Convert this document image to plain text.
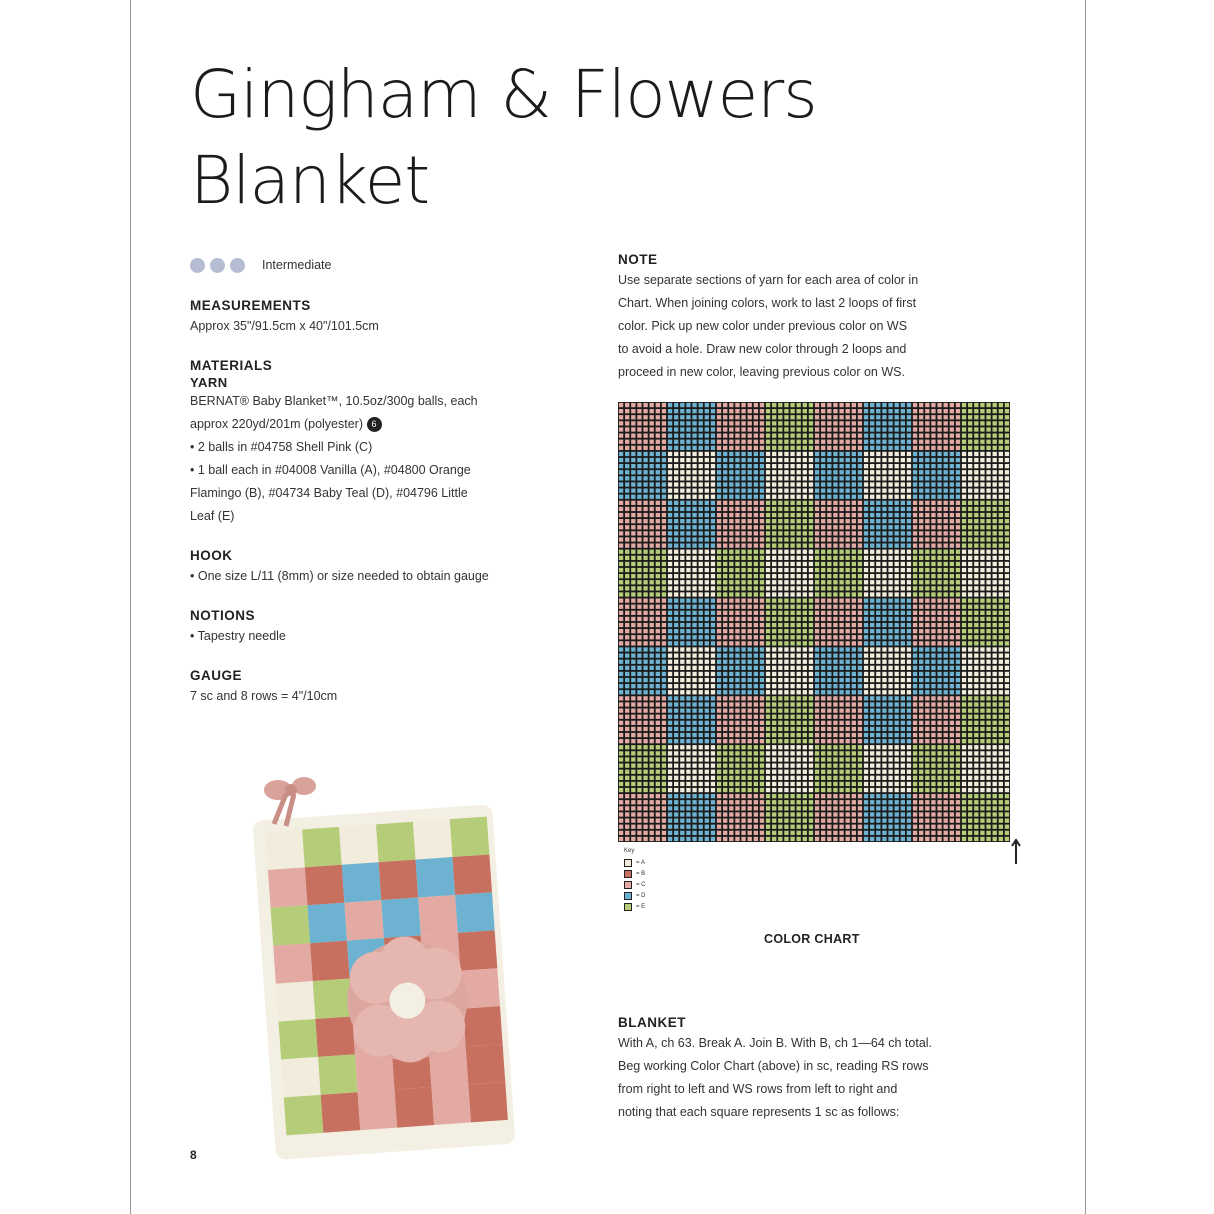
Gingham & Flowers
Blanket
Intermediate

MEASUREMENTS

Approx 35"/91.5cm x 40"/101.5cm

MATERIALS

YARN

BERNAT® Baby Blanket™, 10.5oz/300g balls, each

approx 220yd/201m (polyester) 6

• 2 balls in #04758 Shell Pink (C)

• 1 ball each in #04008 Vanilla (A), #04800 Orange

Flamingo (B), #04734 Baby Teal (D), #04796 Little

Leaf (E)

HOOK

• One size L/11 (8mm) or size needed to obtain gauge

NOTIONS

• Tapestry needle

GAUGE

7 sc and 8 rows = 4"/10cm

Key
= A
= B
= C
= D
= E
COLOR CHART

NOTE

Use separate sections of yarn for each area of color in

Chart. When joining colors, work to last 2 loops of first

color. Pick up new color under previous color on WS

to avoid a hole. Draw new color through 2 loops and

proceed in new color, leaving previous color on WS.

BLANKET

With A, ch 63. Break A. Join B. With B, ch 1—64 ch total.

Beg working Color Chart (above) in sc, reading RS rows

from right to left and WS rows from left to right and

noting that each square represents 1 sc as follows:

8
